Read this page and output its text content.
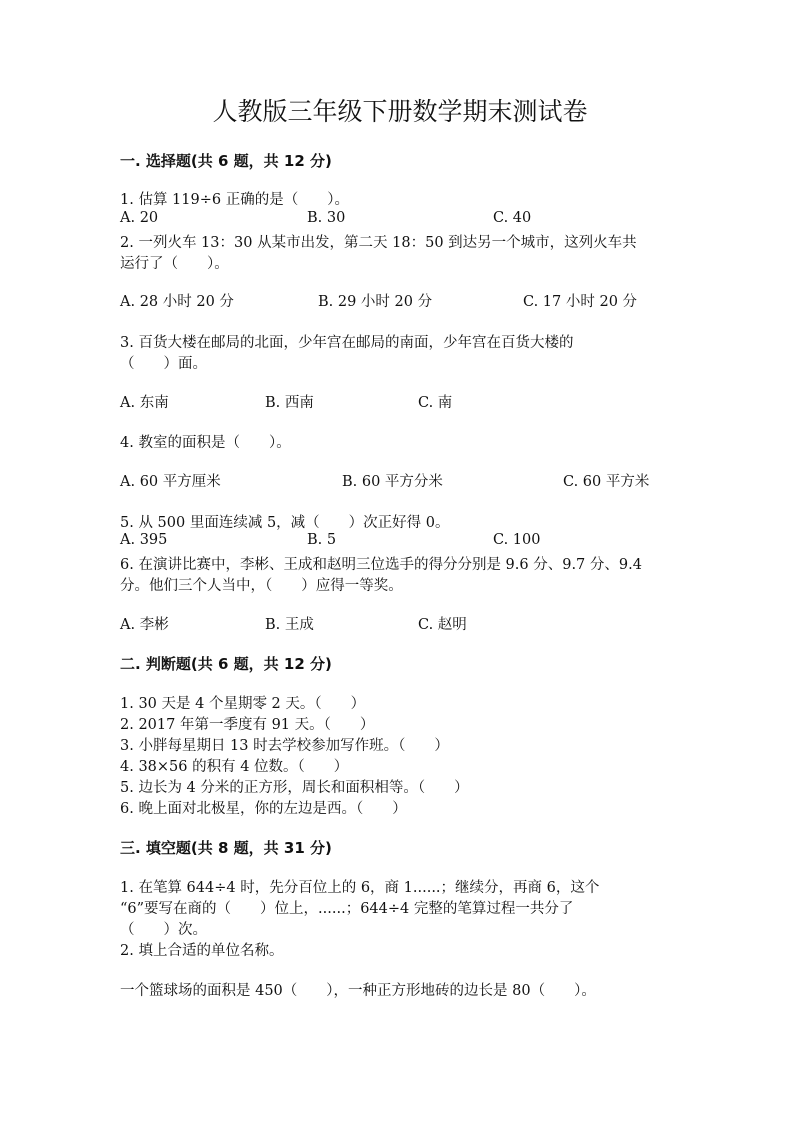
人教版三年级下册数学期末测试卷
一. 选择题(共 6 题，共 12 分)
1. 估算 119÷6 正确的是（　　）。
A. 20	B. 30	C. 40
2. 一列火车 13：30 从某市出发，第二天 18：50 到达另一个城市，这列火车共
运行了（　　）。
A. 28 小时 20 分	B. 29 小时 20 分	C. 17 小时 20 分
3. 百货大楼在邮局的北面，少年宫在邮局的南面，少年宫在百货大楼的
（　　）面。
A. 东南	B. 西南	C. 南
4. 教室的面积是（　　）。
A. 60 平方厘米	B. 60 平方分米	C. 60 平方米
5. 从 500 里面连续减 5，减（　　）次正好得 0。
A. 395	B. 5	C. 100
6. 在演讲比赛中，李彬、王成和赵明三位选手的得分分别是 9.6 分、9.7 分、9.4
分。他们三个人当中，（　　）应得一等奖。
A. 李彬	B. 王成	C. 赵明
二. 判断题(共 6 题，共 12 分)
1. 30 天是 4 个星期零 2 天。（　　）
2. 2017 年第一季度有 91 天。（　　）
3. 小胖每星期日 13 时去学校参加写作班。（　　）
4. 38×56 的积有 4 位数。（　　）
5. 边长为 4 分米的正方形，周长和面积相等。（　　）
6. 晚上面对北极星，你的左边是西。（　　）
三. 填空题(共 8 题，共 31 分)
1. 在笔算 644÷4 时，先分百位上的 6，商 1......；继续分，再商 6，这个
“6”要写在商的（　　）位上，......；644÷4 完整的笔算过程一共分了
（　　）次。
2. 填上合适的单位名称。
一个篮球场的面积是 450（　　），一种正方形地砖的边长是 80（　　）。
